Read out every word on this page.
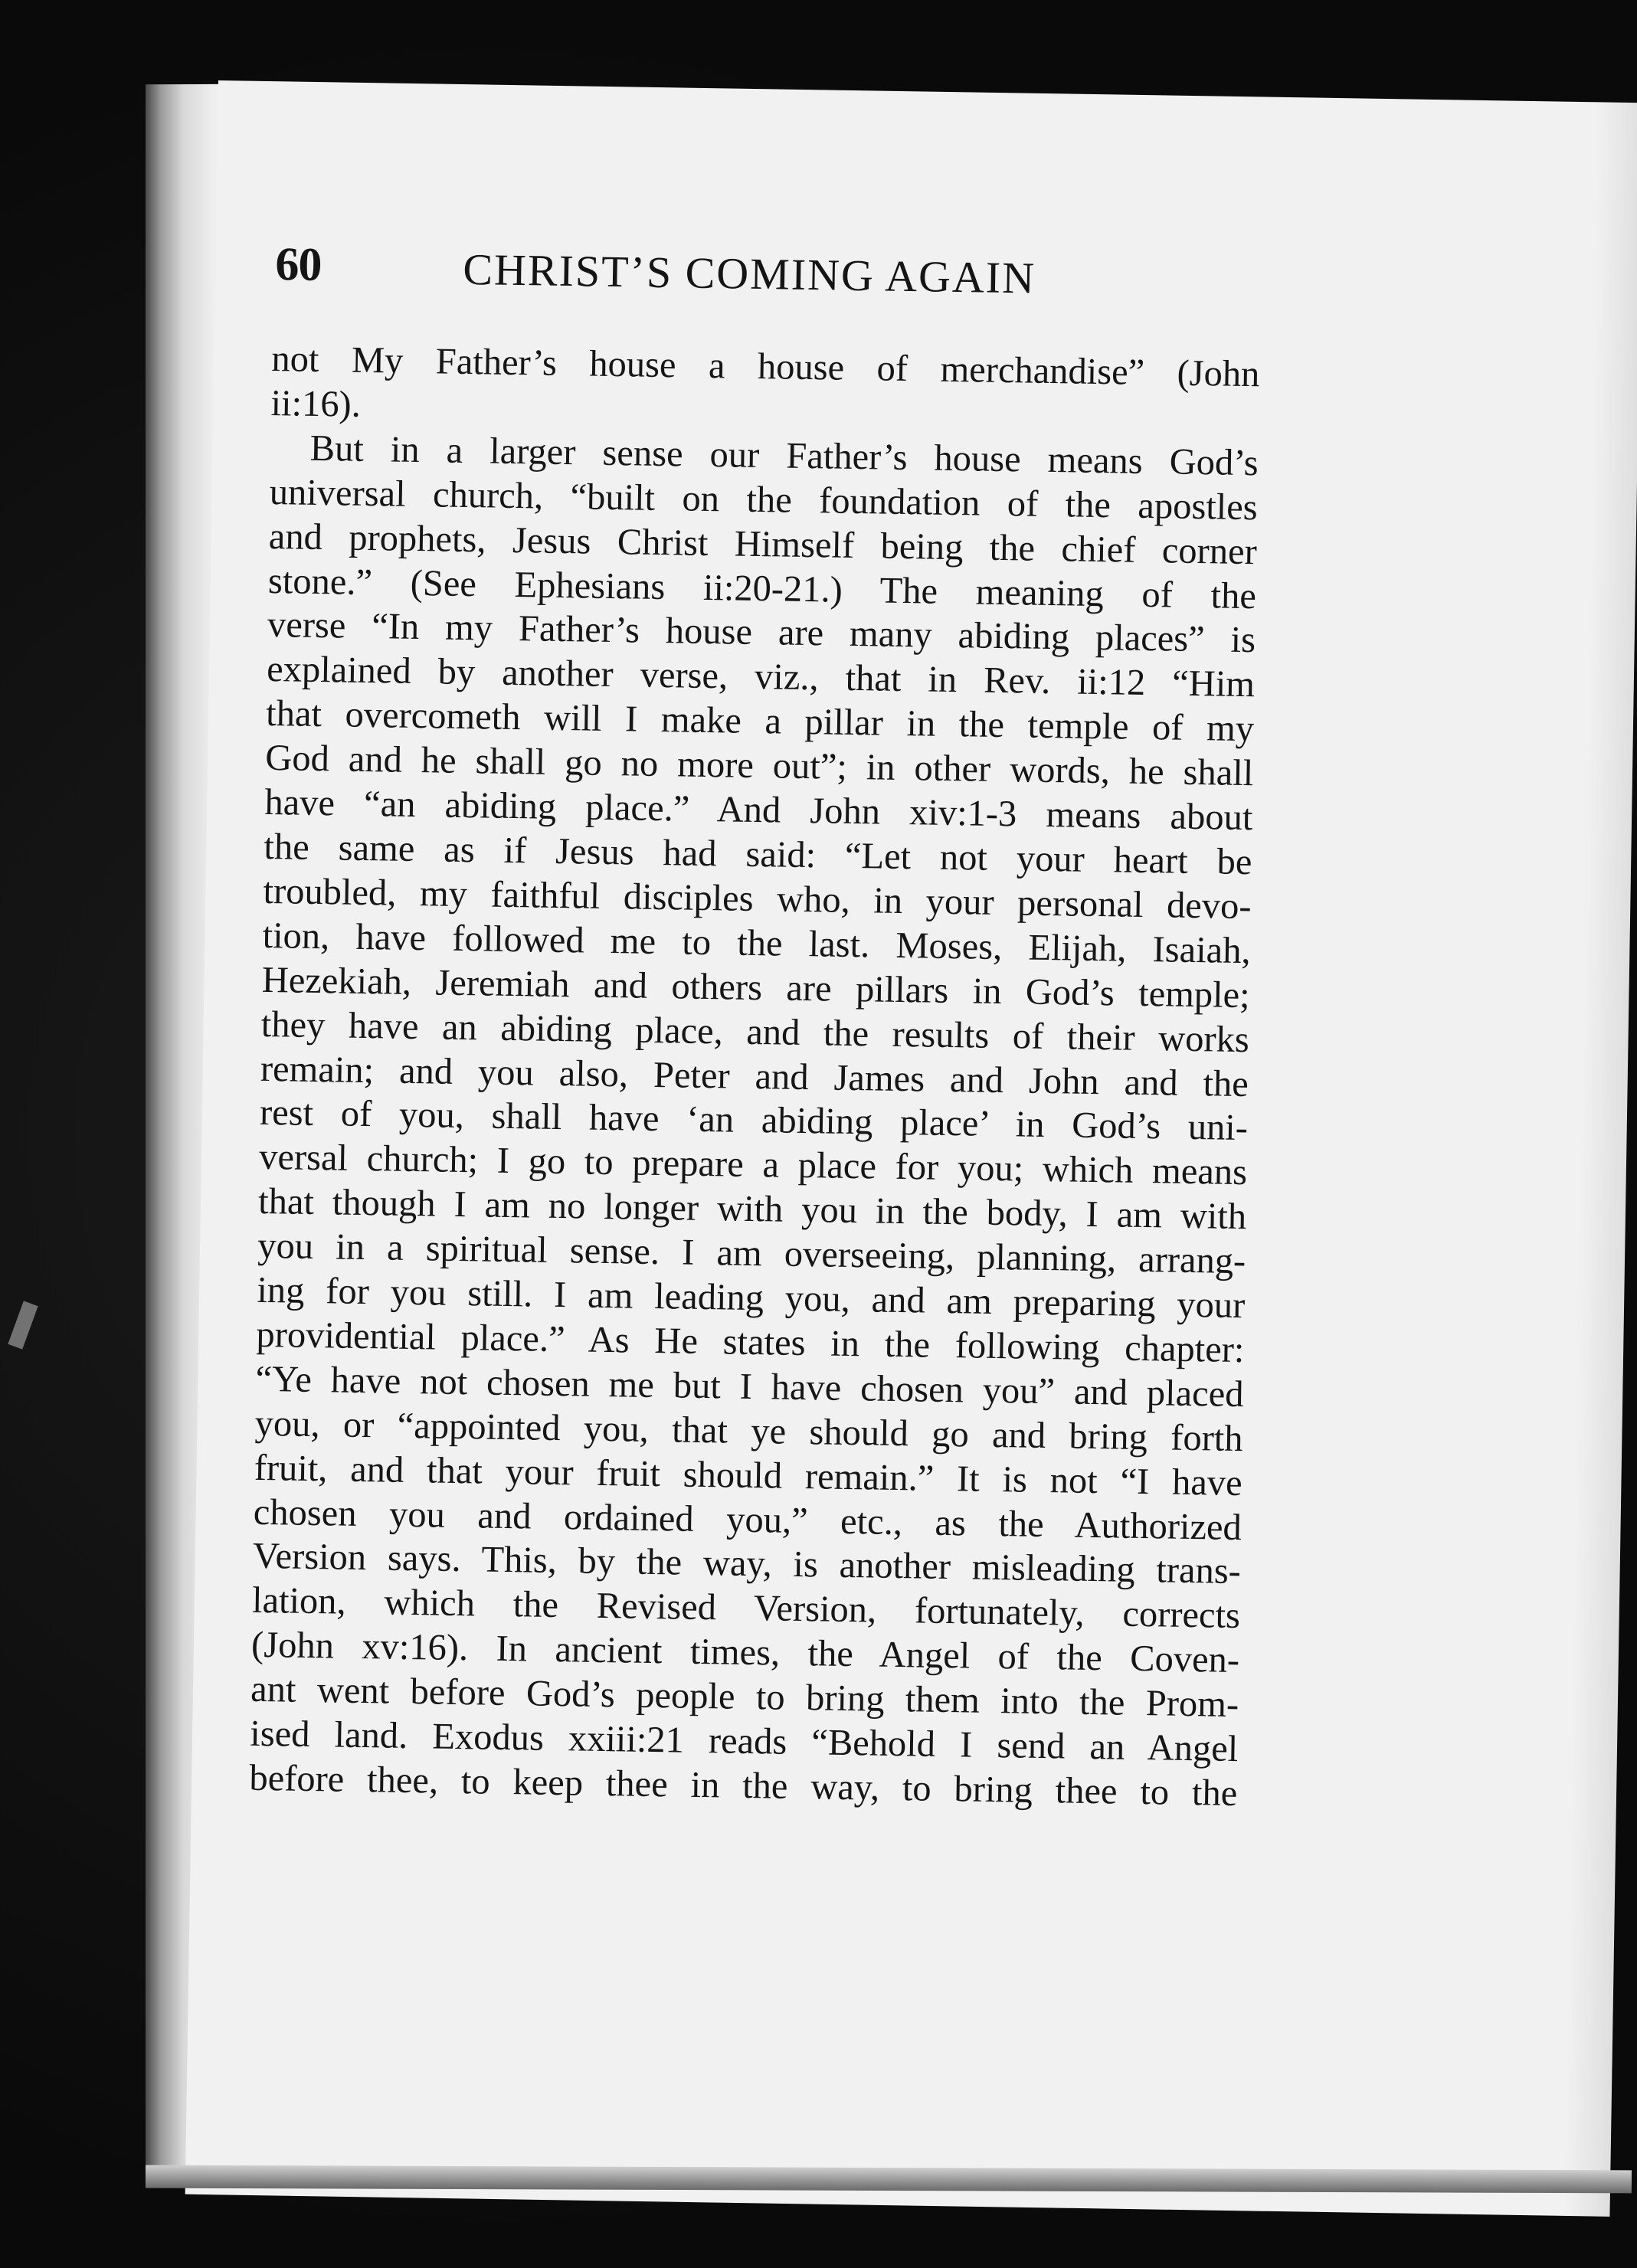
60	CHRIST’S COMING AGAIN
not My Father’s house a house of merchandise” (John
ii:16).
But in a larger sense our Father’s house means God’s
universal church, “built on the foundation of the apostles
and prophets, Jesus Christ Himself being the chief corner
stone.” (See Ephesians ii:20-21.) The meaning of the
verse “In my Father’s house are many abiding places” is
explained by another verse, viz., that in Rev. ii:12 “Him
that overcometh will I make a pillar in the temple of my
God and he shall go no more out”; in other words, he shall
have “an abiding place.” And John xiv:1-3 means about
the same as if Jesus had said: “Let not your heart be
troubled, my faithful disciples who, in your personal devo-
tion, have followed me to the last. Moses, Elijah, Isaiah,
Hezekiah, Jeremiah and others are pillars in God’s temple;
they have an abiding place, and the results of their works
remain; and you also, Peter and James and John and the
rest of you, shall have ‘an abiding place’ in God’s uni-
versal church; I go to prepare a place for you; which means
that though I am no longer with you in the body, I am with
you in a spiritual sense. I am overseeing, planning, arrang-
ing for you still. I am leading you, and am preparing your
providential place.” As He states in the following chapter:
“Ye have not chosen me but I have chosen you” and placed
you, or “appointed you, that ye should go and bring forth
fruit, and that your fruit should remain.” It is not “I have
chosen you and ordained you,” etc., as the Authorized
Version says. This, by the way, is another misleading trans-
lation, which the Revised Version, fortunately, corrects
(John xv:16). In ancient times, the Angel of the Coven-
ant went before God’s people to bring them into the Prom-
ised land. Exodus xxiii:21 reads “Behold I send an Angel
before thee, to keep thee in the way, to bring thee to the
